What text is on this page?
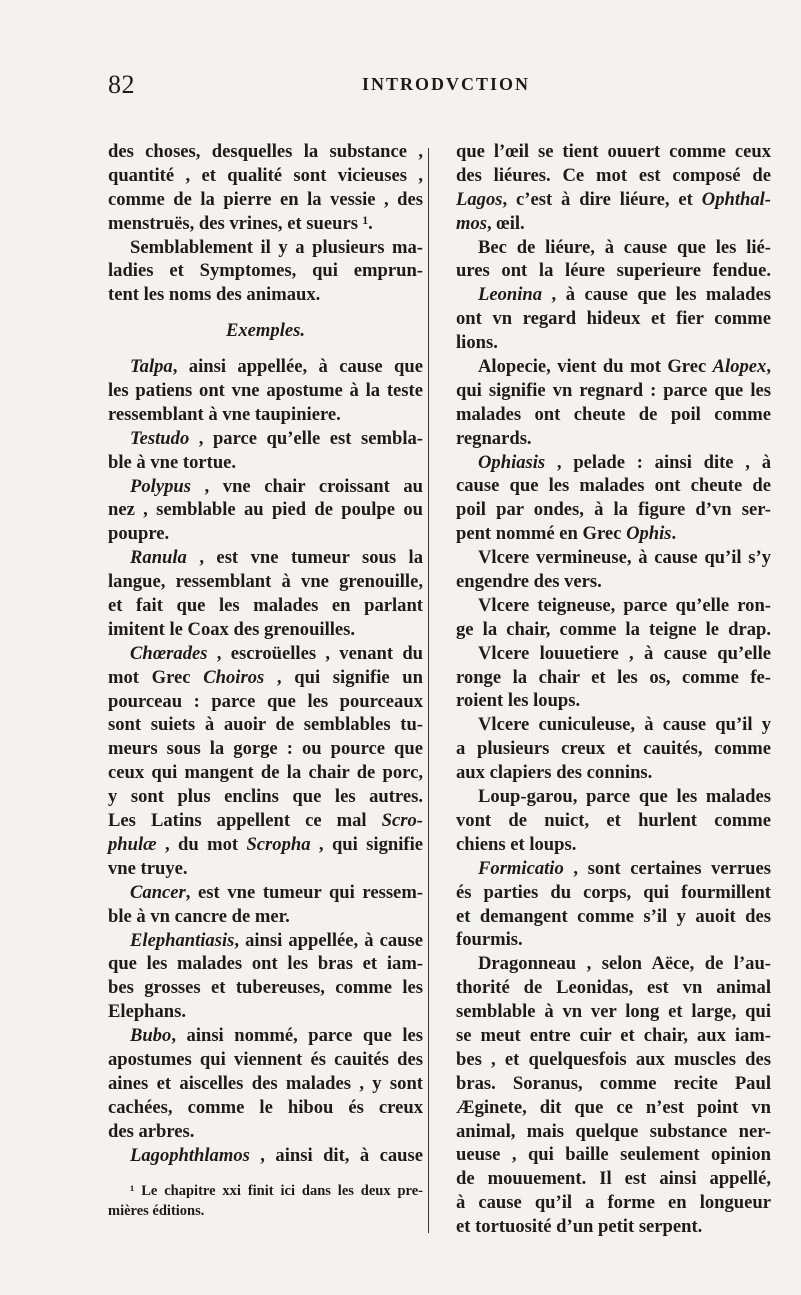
82	INTRODVCTION
des choses, desquelles la substance ,
quantité , et qualité sont vicieuses ,
comme de la pierre en la vessie , des
menstruës, des vrines, et sueurs ¹.
Semblablement il y a plusieurs ma-
ladies et Symptomes, qui emprun-
tent les noms des animaux.
Exemples.
Talpa, ainsi appellée, à cause que
les patiens ont vne apostume à la teste
ressemblant à vne taupiniere.
Testudo , parce qu’elle est sembla-
ble à vne tortue.
Polypus , vne chair croissant au
nez , semblable au pied de poulpe ou
poupre.
Ranula , est vne tumeur sous la
langue, ressemblant à vne grenouille,
et fait que les malades en parlant
imitent le Coax des grenouilles.
Chœrades , escroüelles , venant du
mot Grec Choiros , qui signifie un
pourceau : parce que les pourceaux
sont suiets à auoir de semblables tu-
meurs sous la gorge : ou pource que
ceux qui mangent de la chair de porc,
y sont plus enclins que les autres.
Les Latins appellent ce mal Scro-
phulæ , du mot Scropha , qui signifie
vne truye.
Cancer, est vne tumeur qui ressem-
ble à vn cancre de mer.
Elephantiasis, ainsi appellée, à cause
que les malades ont les bras et iam-
bes grosses et tubereuses, comme les
Elephans.
Bubo, ainsi nommé, parce que les
apostumes qui viennent és cauités des
aines et aiscelles des malades , y sont
cachées, comme le hibou és creux
des arbres.
Lagophthlamos , ainsi dit, à cause
¹ Le chapitre xxi finit ici dans les deux pre-
mières éditions.
que l’œil se tient ouuert comme ceux
des liéures. Ce mot est composé de
Lagos, c’est à dire liéure, et Ophthal-
mos, œil.
Bec de liéure, à cause que les lié-
ures ont la léure superieure fendue.
Leonina , à cause que les malades
ont vn regard hideux et fier comme
lions.
Alopecie, vient du mot Grec Alopex,
qui signifie vn regnard : parce que les
malades ont cheute de poil comme
regnards.
Ophiasis , pelade : ainsi dite , à
cause que les malades ont cheute de
poil par ondes, à la figure d’vn ser-
pent nommé en Grec Ophis.
Vlcere vermineuse, à cause qu’il s’y
engendre des vers.
Vlcere teigneuse, parce qu’elle ron-
ge la chair, comme la teigne le drap.
Vlcere louuetiere , à cause qu’elle
ronge la chair et les os, comme fe-
roient les loups.
Vlcere cuniculeuse, à cause qu’il y
a plusieurs creux et cauités, comme
aux clapiers des connins.
Loup-garou, parce que les malades
vont de nuict, et hurlent comme
chiens et loups.
Formicatio , sont certaines verrues
és parties du corps, qui fourmillent
et demangent comme s’il y auoit des
fourmis.
Dragonneau , selon Aëce, de l’au-
thorité de Leonidas, est vn animal
semblable à vn ver long et large, qui
se meut entre cuir et chair, aux iam-
bes , et quelquesfois aux muscles des
bras. Soranus, comme recite Paul
Æginete, dit que ce n’est point vn
animal, mais quelque substance ner-
ueuse , qui baille seulement opinion
de mouuement. Il est ainsi appellé,
à cause qu’il a forme en longueur
et tortuosité d’un petit serpent.
